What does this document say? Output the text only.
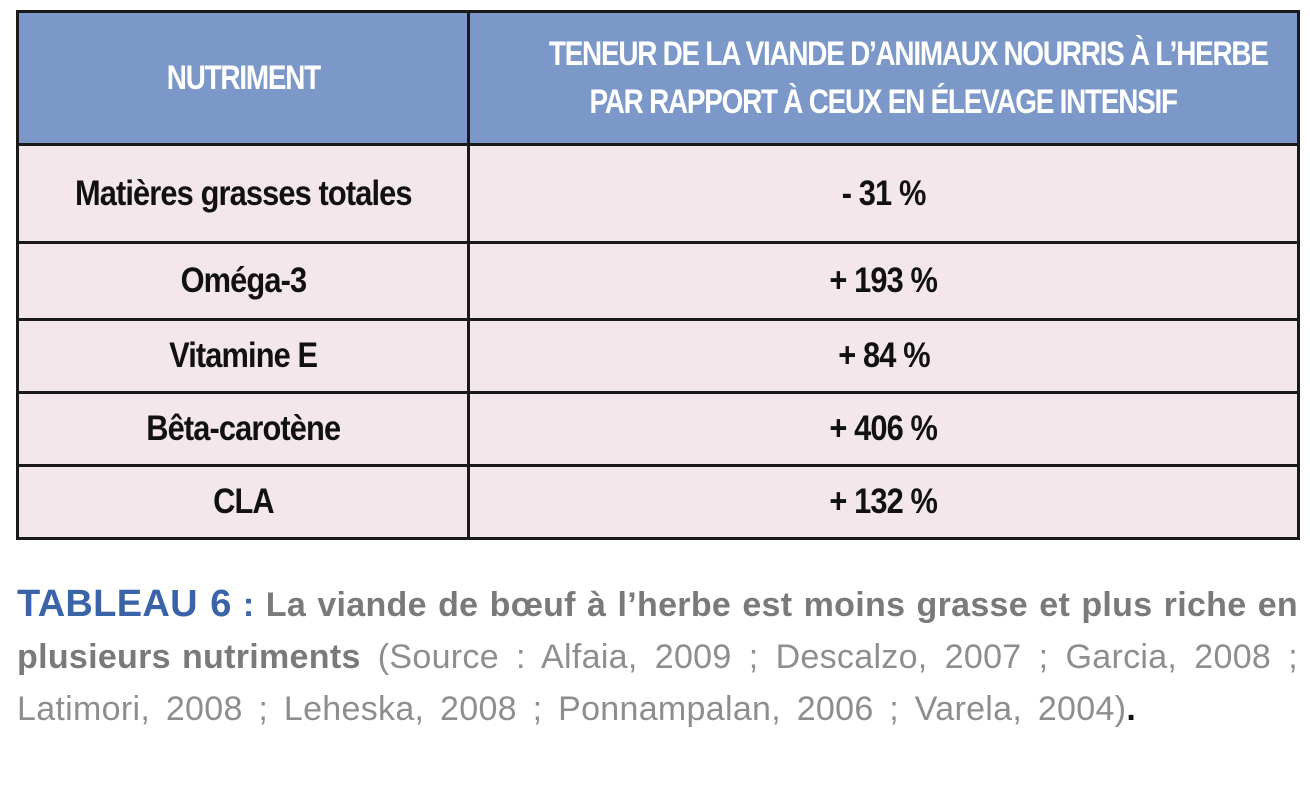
NUTRIMENT	TENEUR DE LA VIANDE D’ANIMAUX NOURRIS À L’HERBE
PAR RAPPORT À CEUX EN ÉLEVAGE INTENSIF
Matières grasses totales	- 31 %
Oméga-3	+ 193 %
Vitamine E	+ 84 %
Bêta-carotène	+ 406 %
CLA	+ 132 %
TABLEAU 6 : La viande de bœuf à l’herbe est moins grasse et plus riche en plusieurs nutriments (Source : Alfaia, 2009 ; Descalzo, 2007 ; Garcia, 2008 ; Latimori, 2008 ; Leheska, 2008 ; Ponnampalan, 2006 ; Varela, 2004).
